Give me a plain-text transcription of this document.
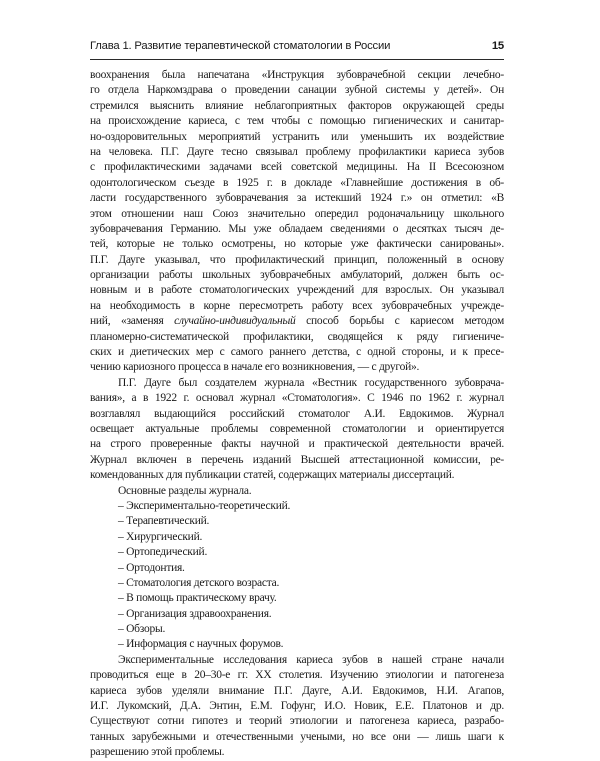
Глава 1. Развитие терапевтической стоматологии в России	15
воохранения была напечатана «Инструкция зубоврачебной секции лечебно-
го отдела Наркомздрава о проведении санации зубной системы у детей». Он
стремился выяснить влияние неблагоприятных факторов окружающей среды
на происхождение кариеса, с тем чтобы с помощью гигиенических и санитар-
но-оздоровительных мероприятий устранить или уменьшить их воздействие
на человека. П.Г. Дауге тесно связывал проблему профилактики кариеса зубов
с профилактическими задачами всей советской медицины. На II Всесоюзном
одонтологическом съезде в 1925 г. в докладе «Главнейшие достижения в об-
ласти государственного зубоврачевания за истекший 1924 г.» он отметил: «В
этом отношении наш Союз значительно опередил родоначальницу школьного
зубоврачевания Германию. Мы уже обладаем сведениями о десятках тысяч де-
тей, которые не только осмотрены, но которые уже фактически санированы».
П.Г. Дауге указывал, что профилактический принцип, положенный в основу
организации работы школьных зубоврачебных амбулаторий, должен быть ос-
новным и в работе стоматологических учреждений для взрослых. Он указывал
на необходимость в корне пересмотреть работу всех зубоврачебных учрежде-
ний, «заменяя случайно-индивидуальный способ борьбы с кариесом методом
планомерно-систематической профилактики, сводящейся к ряду гигиениче-
ских и диетических мер с самого раннего детства, с одной стороны, и к пресе-
чению кариозного процесса в начале его возникновения, — с другой».
П.Г. Дауге был создателем журнала «Вестник государственного зубоврача-
вания», а в 1922 г. основал журнал «Стоматология». С 1946 по 1962 г. журнал
возглавлял выдающийся российский стоматолог А.И. Евдокимов. Журнал
освещает актуальные проблемы современной стоматологии и ориентируется
на строго проверенные факты научной и практической деятельности врачей.
Журнал включен в перечень изданий Высшей аттестационной комиссии, ре-
комендованных для публикации статей, содержащих материалы диссертаций.
Основные разделы журнала.
– Экспериментально-теоретический.
– Терапевтический.
– Хирургический.
– Ортопедический.
– Ортодонтия.
– Стоматология детского возраста.
– В помощь практическому врачу.
– Организация здравоохранения.
– Обзоры.
– Информация с научных форумов.
Экспериментальные исследования кариеса зубов в нашей стране начали
проводиться еще в 20–30-е гг. XX столетия. Изучению этиологии и патогенеза
кариеса зубов уделяли внимание П.Г. Дауге, А.И. Евдокимов, Н.И. Агапов,
И.Г. Лукомский, Д.А. Энтин, Е.М. Гофунг, И.О. Новик, Е.Е. Платонов и др.
Существуют сотни гипотез и теорий этиологии и патогенеза кариеса, разрабо-
танных зарубежными и отечественными учеными, но все они — лишь шаги к
разрешению этой проблемы.
